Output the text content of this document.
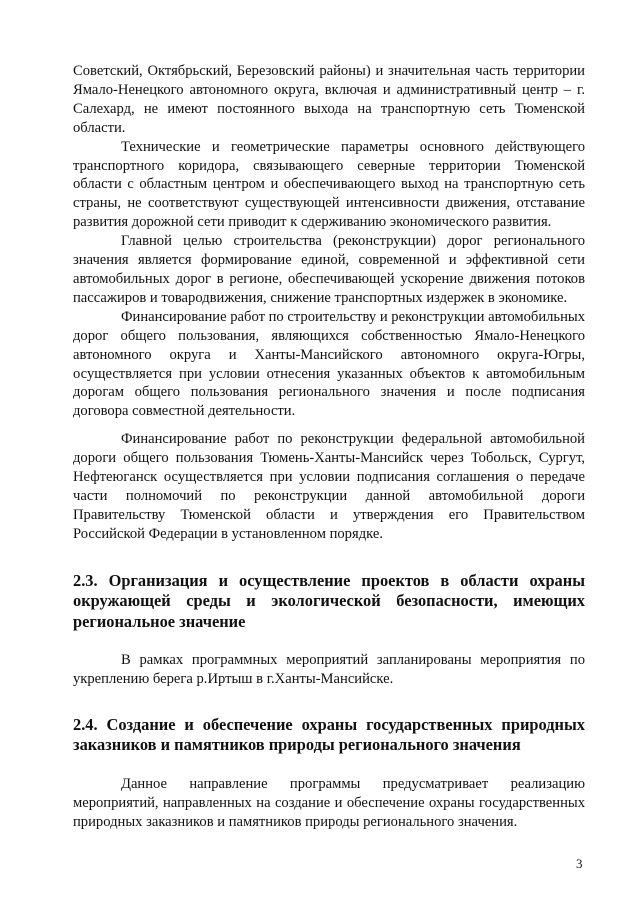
Советский, Октябрьский, Березовский районы) и значительная часть территории Ямало-Ненецкого автономного округа, включая и административный центр – г. Салехард, не имеют постоянного выхода на транспортную сеть Тюменской области.

Технические и геометрические параметры основного действующего транспортного коридора, связывающего северные территории Тюменской области с областным центром и обеспечивающего выход на транспортную сеть страны, не соответствуют существующей интенсивности движения, отставание развития дорожной сети приводит к сдерживанию экономического развития.

Главной целью строительства (реконструкции) дорог регионального значения является формирование единой, современной и эффективной сети автомобильных дорог в регионе, обеспечивающей ускорение движения потоков пассажиров и товародвижения, снижение транспортных издержек в экономике.

Финансирование работ по строительству и реконструкции автомобильных дорог общего пользования, являющихся собственностью Ямало-Ненецкого автономного округа и Ханты-Мансийского автономного округа-Югры, осуществляется при условии отнесения указанных объектов к автомобильным дорогам общего пользования регионального значения и после подписания договора совместной деятельности.

Финансирование работ по реконструкции федеральной автомобильной дороги общего пользования Тюмень-Ханты-Мансийск через Тобольск, Сургут, Нефтеюганск осуществляется при условии подписания соглашения о передаче части полномочий по реконструкции данной автомобильной дороги Правительству Тюменской области и утверждения его Правительством Российской Федерации в установленном порядке.

2.3. Организация и осуществление проектов в области охраны окружающей среды и экологической безопасности, имеющих региональное значение

В рамках программных мероприятий запланированы мероприятия по укреплению берега р.Иртыш в г.Ханты-Мансийске.

2.4. Создание и обеспечение охраны государственных природных заказников и памятников природы регионального значения

Данное направление программы предусматривает реализацию мероприятий, направленных на создание и обеспечение охраны государственных природных заказников и памятников природы регионального значения.

3
